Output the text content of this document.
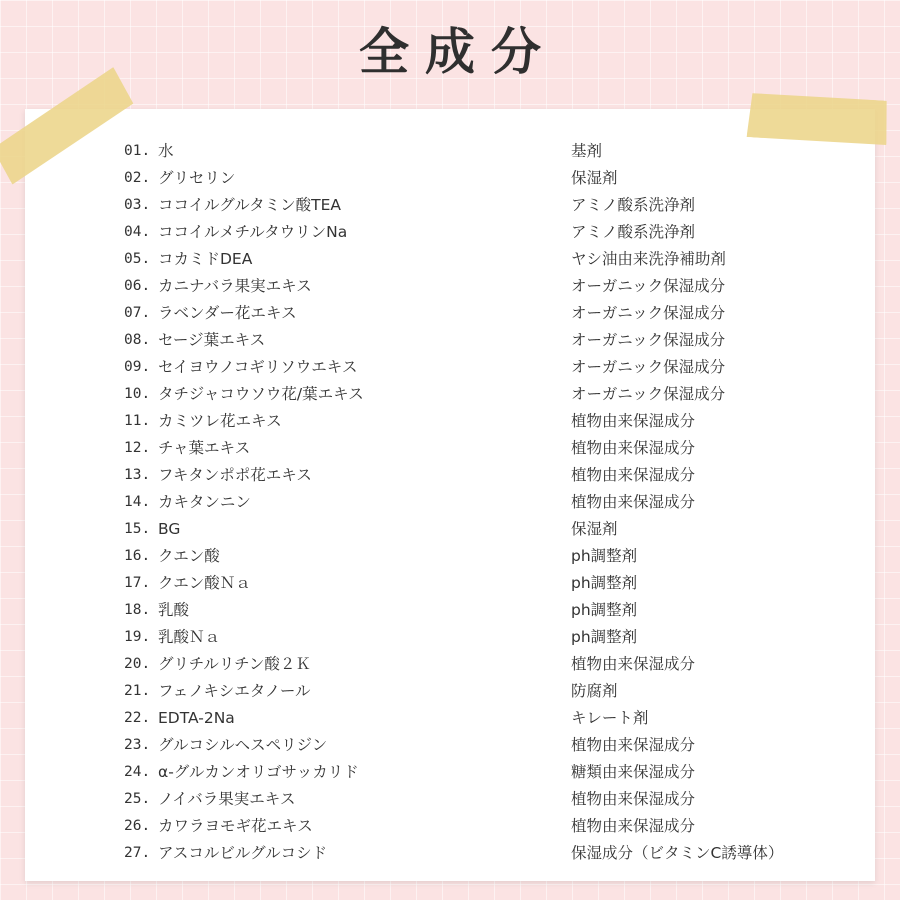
全成分
01. 水	基剤
02. グリセリン	保湿剤
03. ココイルグルタミン酸TEA	アミノ酸系洗浄剤
04. ココイルメチルタウリンNa	アミノ酸系洗浄剤
05. コカミドDEA	ヤシ油由来洗浄補助剤
06. カニナバラ果実エキス	オーガニック保湿成分
07. ラベンダー花エキス	オーガニック保湿成分
08. セージ葉エキス	オーガニック保湿成分
09. セイヨウノコギリソウエキス	オーガニック保湿成分
10. タチジャコウソウ花/葉エキス	オーガニック保湿成分
11. カミツレ花エキス	植物由来保湿成分
12. チャ葉エキス	植物由来保湿成分
13. フキタンポポ花エキス	植物由来保湿成分
14. カキタンニン	植物由来保湿成分
15. BG	保湿剤
16. クエン酸	ph調整剤
17. クエン酸Ｎａ	ph調整剤
18. 乳酸	ph調整剤
19. 乳酸Ｎａ	ph調整剤
20. グリチルリチン酸２Ｋ	植物由来保湿成分
21. フェノキシエタノール	防腐剤
22. EDTA-2Na	キレート剤
23. グルコシルヘスペリジン	植物由来保湿成分
24. α-グルカンオリゴサッカリド	糖類由来保湿成分
25. ノイバラ果実エキス	植物由来保湿成分
26. カワラヨモギ花エキス	植物由来保湿成分
27. アスコルビルグルコシド	保湿成分（ビタミンC誘導体）
